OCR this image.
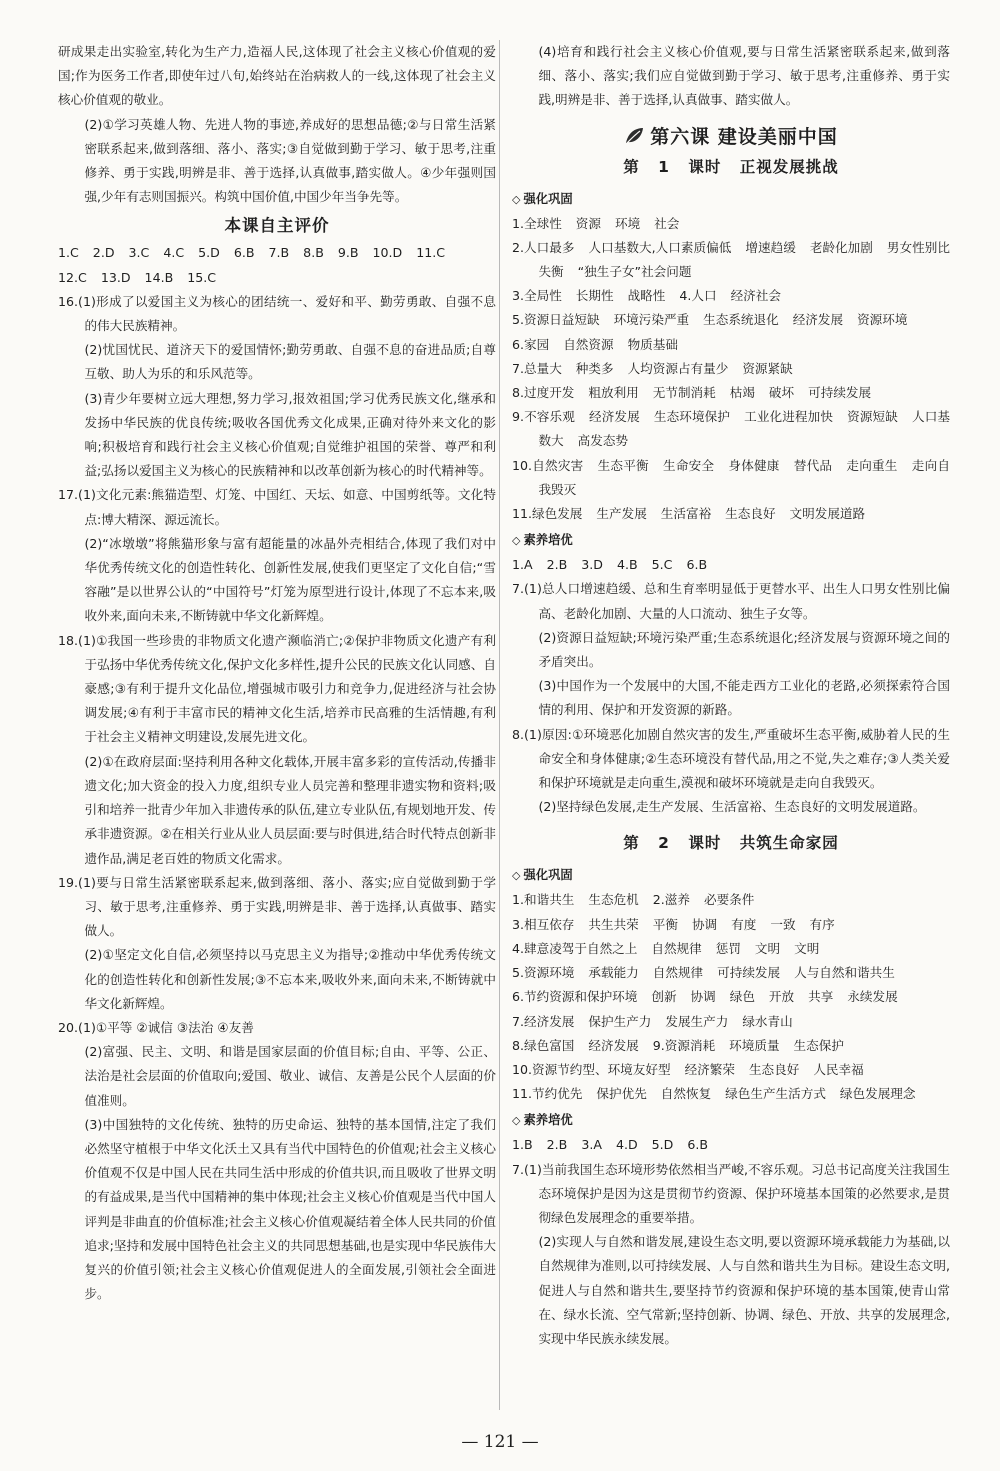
研成果走出实验室,转化为生产力,造福人民,这体现了社会主义核心价值观的爱国;作为医务工作者,即使年过八旬,始终站在治病救人的一线,这体现了社会主义核心价值观的敬业。

(2)①学习英雄人物、先进人物的事迹,养成好的思想品德;②与日常生活紧密联系起来,做到落细、落小、落实;③自觉做到勤于学习、敏于思考,注重修养、勇于实践,明辨是非、善于选择,认真做事,踏实做人。④少年强则国强,少年有志则国振兴。构筑中国价值,中国少年当争先等。

本课自主评价

1.C 2.D 3.C 4.C 5.D 6.B 7.B 8.B 9.B 10.D 11.C

12.C 13.D 14.B 15.C

16.(1)形成了以爱国主义为核心的团结统一、爱好和平、勤劳勇敢、自强不息的伟大民族精神。

(2)忧国忧民、道济天下的爱国情怀;勤劳勇敢、自强不息的奋进品质;自尊互敬、助人为乐的和乐风范等。

(3)青少年要树立远大理想,努力学习,报效祖国;学习优秀民族文化,继承和发扬中华民族的优良传统;吸收各国优秀文化成果,正确对待外来文化的影响;积极培育和践行社会主义核心价值观;自觉维护祖国的荣誉、尊严和利益;弘扬以爱国主义为核心的民族精神和以改革创新为核心的时代精神等。

17.(1)文化元素:熊猫造型、灯笼、中国红、天坛、如意、中国剪纸等。文化特点:博大精深、源远流长。

(2)“冰墩墩”将熊猫形象与富有超能量的冰晶外壳相结合,体现了我们对中华优秀传统文化的创造性转化、创新性发展,使我们更坚定了文化自信;“雪容融”是以世界公认的“中国符号”灯笼为原型进行设计,体现了不忘本来,吸收外来,面向未来,不断铸就中华文化新辉煌。

18.(1)①我国一些珍贵的非物质文化遗产濒临消亡;②保护非物质文化遗产有利于弘扬中华优秀传统文化,保护文化多样性,提升公民的民族文化认同感、自豪感;③有利于提升文化品位,增强城市吸引力和竞争力,促进经济与社会协调发展;④有利于丰富市民的精神文化生活,培养市民高雅的生活情趣,有利于社会主义精神文明建设,发展先进文化。

(2)①在政府层面:坚持利用各种文化载体,开展丰富多彩的宣传活动,传播非遗文化;加大资金的投入力度,组织专业人员完善和整理非遗实物和资料;吸引和培养一批青少年加入非遗传承的队伍,建立专业队伍,有规划地开发、传承非遗资源。②在相关行业从业人员层面:要与时俱进,结合时代特点创新非遗作品,满足老百姓的物质文化需求。

19.(1)要与日常生活紧密联系起来,做到落细、落小、落实;应自觉做到勤于学习、敏于思考,注重修养、勇于实践,明辨是非、善于选择,认真做事、踏实做人。

(2)①坚定文化自信,必须坚持以马克思主义为指导;②推动中华优秀传统文化的创造性转化和创新性发展;③不忘本来,吸收外来,面向未来,不断铸就中华文化新辉煌。

20.(1)①平等 ②诚信 ③法治 ④友善

(2)富强、民主、文明、和谐是国家层面的价值目标;自由、平等、公正、法治是社会层面的价值取向;爱国、敬业、诚信、友善是公民个人层面的价值准则。

(3)中国独特的文化传统、独特的历史命运、独特的基本国情,注定了我们必然坚守植根于中华文化沃土又具有当代中国特色的价值观;社会主义核心价值观不仅是中国人民在共同生活中形成的价值共识,而且吸收了世界文明的有益成果,是当代中国精神的集中体现;社会主义核心价值观是当代中国人评判是非曲直的价值标准;社会主义核心价值观凝结着全体人民共同的价值追求;坚持和发展中国特色社会主义的共同思想基础,也是实现中华民族伟大复兴的价值引领;社会主义核心价值观促进人的全面发展,引领社会全面进步。

(4)培育和践行社会主义核心价值观,要与日常生活紧密联系起来,做到落细、落小、落实;我们应自觉做到勤于学习、敏于思考,注重修养、勇于实践,明辨是非、善于选择,认真做事、踏实做人。

第六课 建设美丽中国
第 1 课时 正视发展挑战
◇ 强化巩固

1.全球性 资源 环境 社会

2.人口最多 人口基数大,人口素质偏低 增速趋缓 老龄化加剧 男女性别比失衡 “独生子女”社会问题

3.全局性 长期性 战略性 4.人口 经济社会

5.资源日益短缺 环境污染严重 生态系统退化 经济发展 资源环境

6.家园 自然资源 物质基础

7.总量大 种类多 人均资源占有量少 资源紧缺

8.过度开发 粗放利用 无节制消耗 枯竭 破坏 可持续发展

9.不容乐观 经济发展 生态环境保护 工业化进程加快 资源短缺 人口基数大 高发态势

10.自然灾害 生态平衡 生命安全 身体健康 替代品 走向重生 走向自我毁灭

11.绿色发展 生产发展 生活富裕 生态良好 文明发展道路

◇ 素养培优

1.A 2.B 3.D 4.B 5.C 6.B

7.(1)总人口增速趋缓、总和生育率明显低于更替水平、出生人口男女性别比偏高、老龄化加剧、大量的人口流动、独生子女等。

(2)资源日益短缺;环境污染严重;生态系统退化;经济发展与资源环境之间的矛盾突出。

(3)中国作为一个发展中的大国,不能走西方工业化的老路,必须探索符合国情的利用、保护和开发资源的新路。

8.(1)原因:①环境恶化加剧自然灾害的发生,严重破坏生态平衡,威胁着人民的生命安全和身体健康;②生态环境没有替代品,用之不觉,失之难存;③人类关爱和保护环境就是走向重生,漠视和破坏环境就是走向自我毁灭。

(2)坚持绿色发展,走生产发展、生活富裕、生态良好的文明发展道路。

第 2 课时 共筑生命家园
◇ 强化巩固

1.和谐共生 生态危机 2.滋养 必要条件

3.相互依存 共生共荣 平衡 协调 有度 一致 有序

4.肆意凌驾于自然之上 自然规律 惩罚 文明 文明

5.资源环境 承载能力 自然规律 可持续发展 人与自然和谐共生

6.节约资源和保护环境 创新 协调 绿色 开放 共享 永续发展

7.经济发展 保护生产力 发展生产力 绿水青山

8.绿色富国 经济发展 9.资源消耗 环境质量 生态保护

10.资源节约型、环境友好型 经济繁荣 生态良好 人民幸福

11.节约优先 保护优先 自然恢复 绿色生产生活方式 绿色发展理念

◇ 素养培优

1.B 2.B 3.A 4.D 5.D 6.B

7.(1)当前我国生态环境形势依然相当严峻,不容乐观。习总书记高度关注我国生态环境保护是因为这是贯彻节约资源、保护环境基本国策的必然要求,是贯彻绿色发展理念的重要举措。

(2)实现人与自然和谐发展,建设生态文明,要以资源环境承载能力为基础,以自然规律为准则,以可持续发展、人与自然和谐共生为目标。建设生态文明,促进人与自然和谐共生,要坚持节约资源和保护环境的基本国策,使青山常在、绿水长流、空气常新;坚持创新、协调、绿色、开放、共享的发展理念,实现中华民族永续发展。

— 121 —
